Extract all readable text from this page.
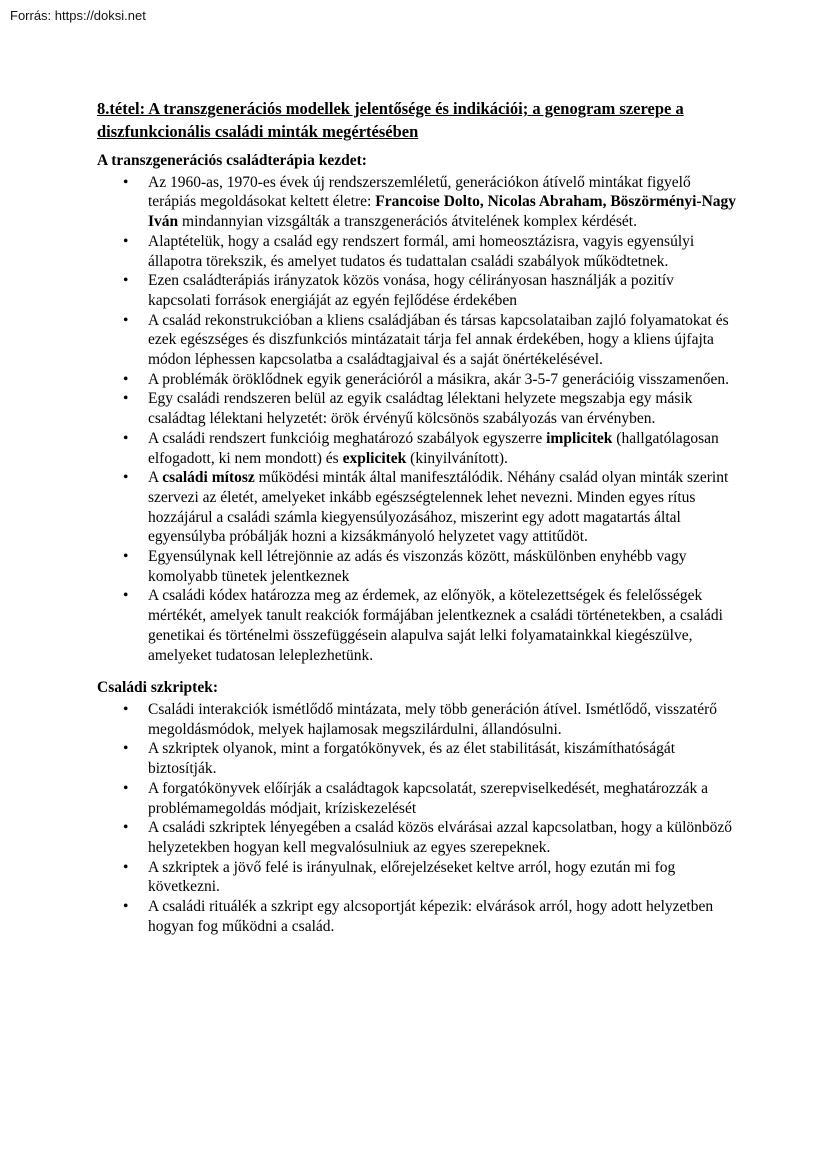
Forrás: https://doksi.net
8.tétel: A transzgenerációs modellek jelentősége és indikációi; a genogram szerepe a diszfunkcionális családi minták megértésében
A transzgenerációs családterápia kezdet:
• Az 1960-as, 1970-es évek új rendszerszemléletű, generációkon átívelő mintákat figyelő terápiás megoldásokat keltett életre: Francoise Dolto, Nicolas Abraham, Böszörményi-Nagy Iván mindannyian vizsgálták a transzgenerációs átvitelének komplex kérdését.
• Alaptételük, hogy a család egy rendszert formál, ami homeosztázisra, vagyis egyensúlyi állapotra törekszik, és amelyet tudatos és tudattalan családi szabályok működtetnek.
• Ezen családterápiás irányzatok közös vonása, hogy célirányosan használják a pozitív kapcsolati források energiáját az egyén fejlődése érdekében
• A család rekonstrukcióban a kliens családjában és társas kapcsolataiban zajló folyamatokat és ezek egészséges és diszfunkciós mintázatait tárja fel annak érdekében, hogy a kliens újfajta módon léphessen kapcsolatba a családtagjaival és a saját önértékelésével.
• A problémák öröklődnek egyik generációról a másikra, akár 3-5-7 generációig visszamenően.
• Egy családi rendszeren belül az egyik családtag lélektani helyzete megszabja egy másik családtag lélektani helyzetét: örök érvényű kölcsönös szabályozás van érvényben.
• A családi rendszert funkcióig meghatározó szabályok egyszerre implicitek (hallgatólagosan elfogadott, ki nem mondott) és explicitek (kinyilvánított).
• A családi mítosz működési minták által manifesztálódik. Néhány család olyan minták szerint szervezi az életét, amelyeket inkább egészségtelennek lehet nevezni. Minden egyes rítus hozzájárul a családi számla kiegyensúlyozásához, miszerint egy adott magatartás által egyensúlyba próbálják hozni a kizsákmányoló helyzetet vagy attitűdöt.
• Egyensúlynak kell létrejönnie az adás és viszonzás között, máskülönben enyhébb vagy komolyabb tünetek jelentkeznek
• A családi kódex határozza meg az érdemek, az előnyök, a kötelezettségek és felelősségek mértékét, amelyek tanult reakciók formájában jelentkeznek a családi történetekben, a családi genetikai és történelmi összefüggésein alapulva saját lelki folyamatainkkal kiegészülve, amelyeket tudatosan leleplezhetünk.
Családi szkriptek:
• Családi interakciók ismétlődő mintázata, mely több generáción átível. Ismétlődő, visszatérő megoldásmódok, melyek hajlamosak megszilárdulni, állandósulni.
• A szkriptek olyanok, mint a forgatókönyvek, és az élet stabilitását, kiszámíthatóságát biztosítják.
• A forgatókönyvek előírják a családtagok kapcsolatát, szerepviselkedését, meghatározzák a problémamegoldás módjait, kríziskezelését
• A családi szkriptek lényegében a család közös elvárásai azzal kapcsolatban, hogy a különböző helyzetekben hogyan kell megvalósulniuk az egyes szerepeknek.
• A szkriptek a jövő felé is irányulnak, előrejelzéseket keltve arról, hogy ezután mi fog következni.
• A családi rituálék a szkript egy alcsoportját képezik: elvárások arról, hogy adott helyzetben hogyan fog működni a család.
